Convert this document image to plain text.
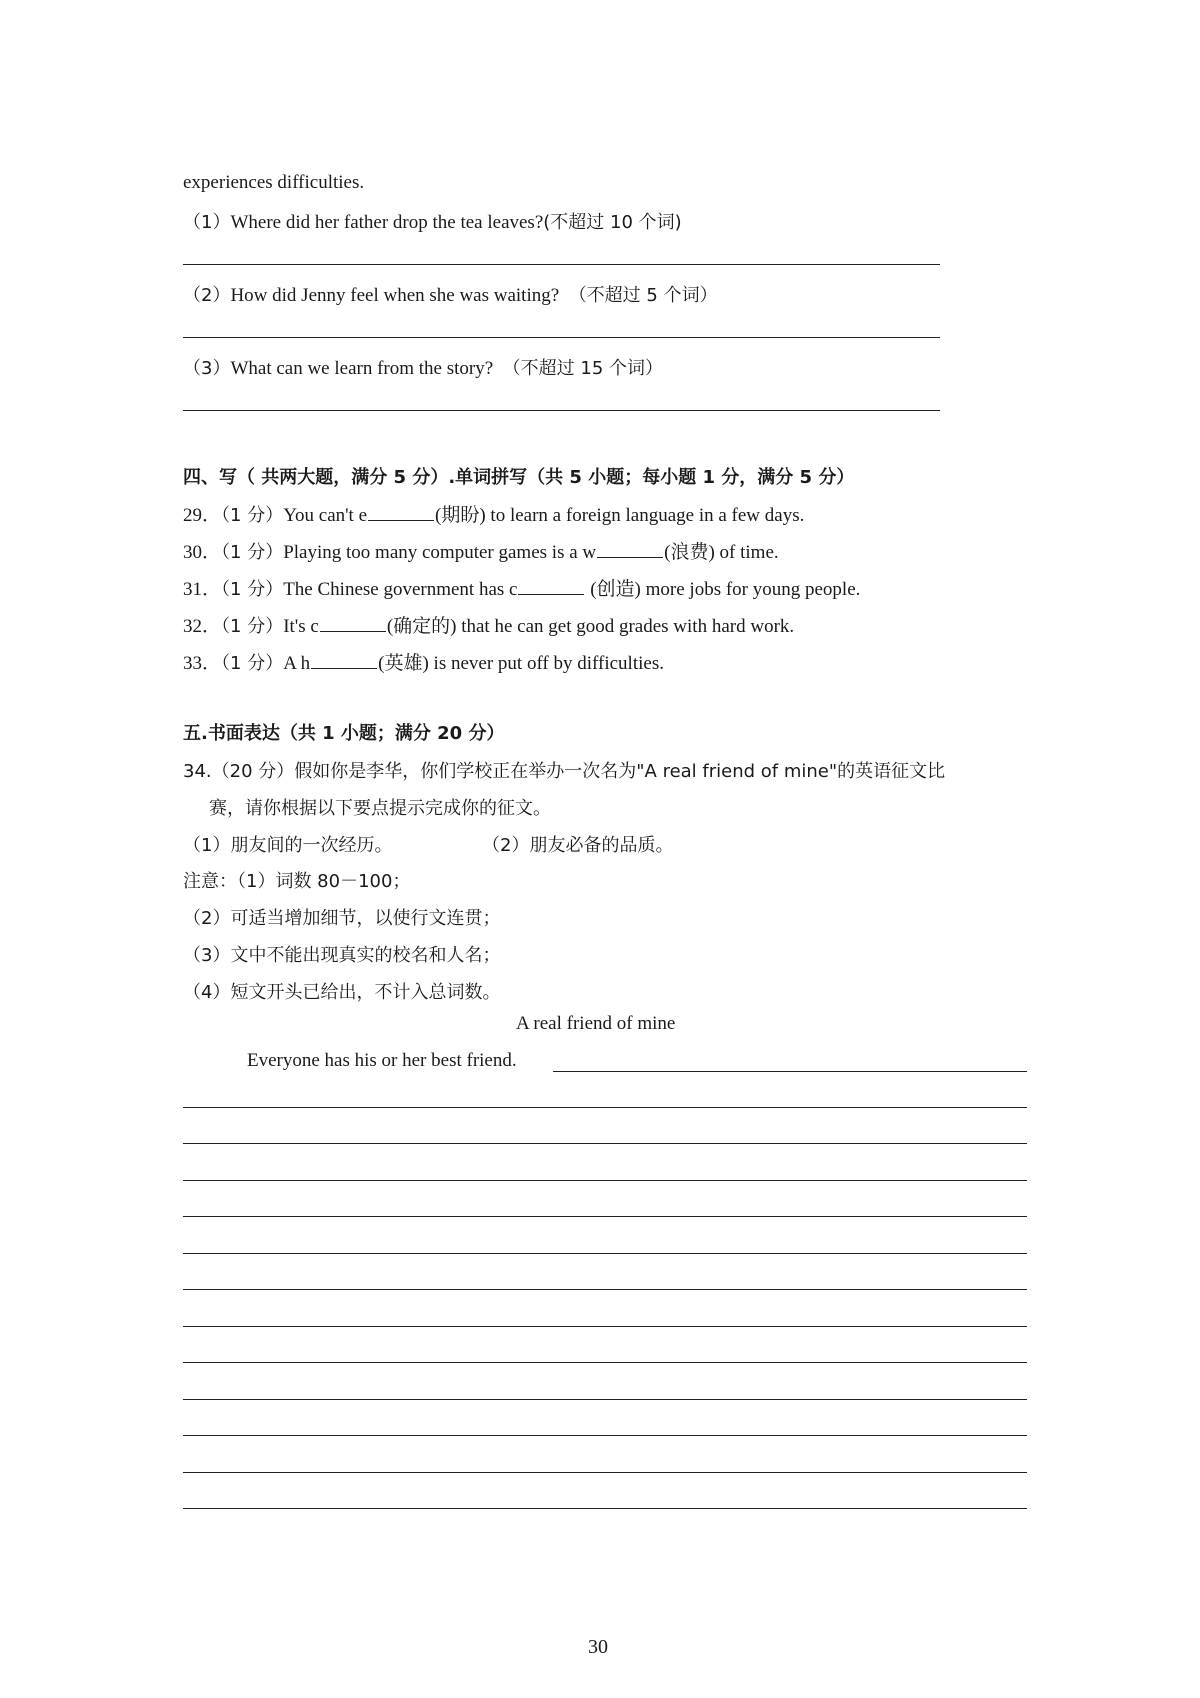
experiences difficulties.
（1）Where did her father drop the tea leaves?(不超过 10 个词)
（2）How did Jenny feel when she was waiting? （不超过 5 个词）
（3）What can we learn from the story? （不超过 15 个词）
四、写（ 共两大题，满分 5 分）.单词拼写（共 5 小题；每小题 1 分，满分 5 分）
29．（1 分）You can't e	(期盼) to learn a foreign language in a few days.
30．（1 分）Playing too many computer games is a w	(浪费) of time.
31．（1 分）The Chinese government has c	(创造) more jobs for young people.
32．（1 分）It's c	(确定的) that he can get good grades with hard work.
33．（1 分）A h	(英雄) is never put off by difficulties.
五.书面表达（共 1 小题；满分 20 分）
34.（20 分）假如你是李华，你们学校正在举办一次名为"A real friend of mine"的英语征文比
赛，请你根据以下要点提示完成你的征文。
（1）朋友间的一次经历。	（2）朋友必备的品质。
注意：（1）词数 80－100；
（2）可适当增加细节，以使行文连贯；
（3）文中不能出现真实的校名和人名；
（4）短文开头已给出，不计入总词数。
A real friend of mine
Everyone has his or her best friend.
30
